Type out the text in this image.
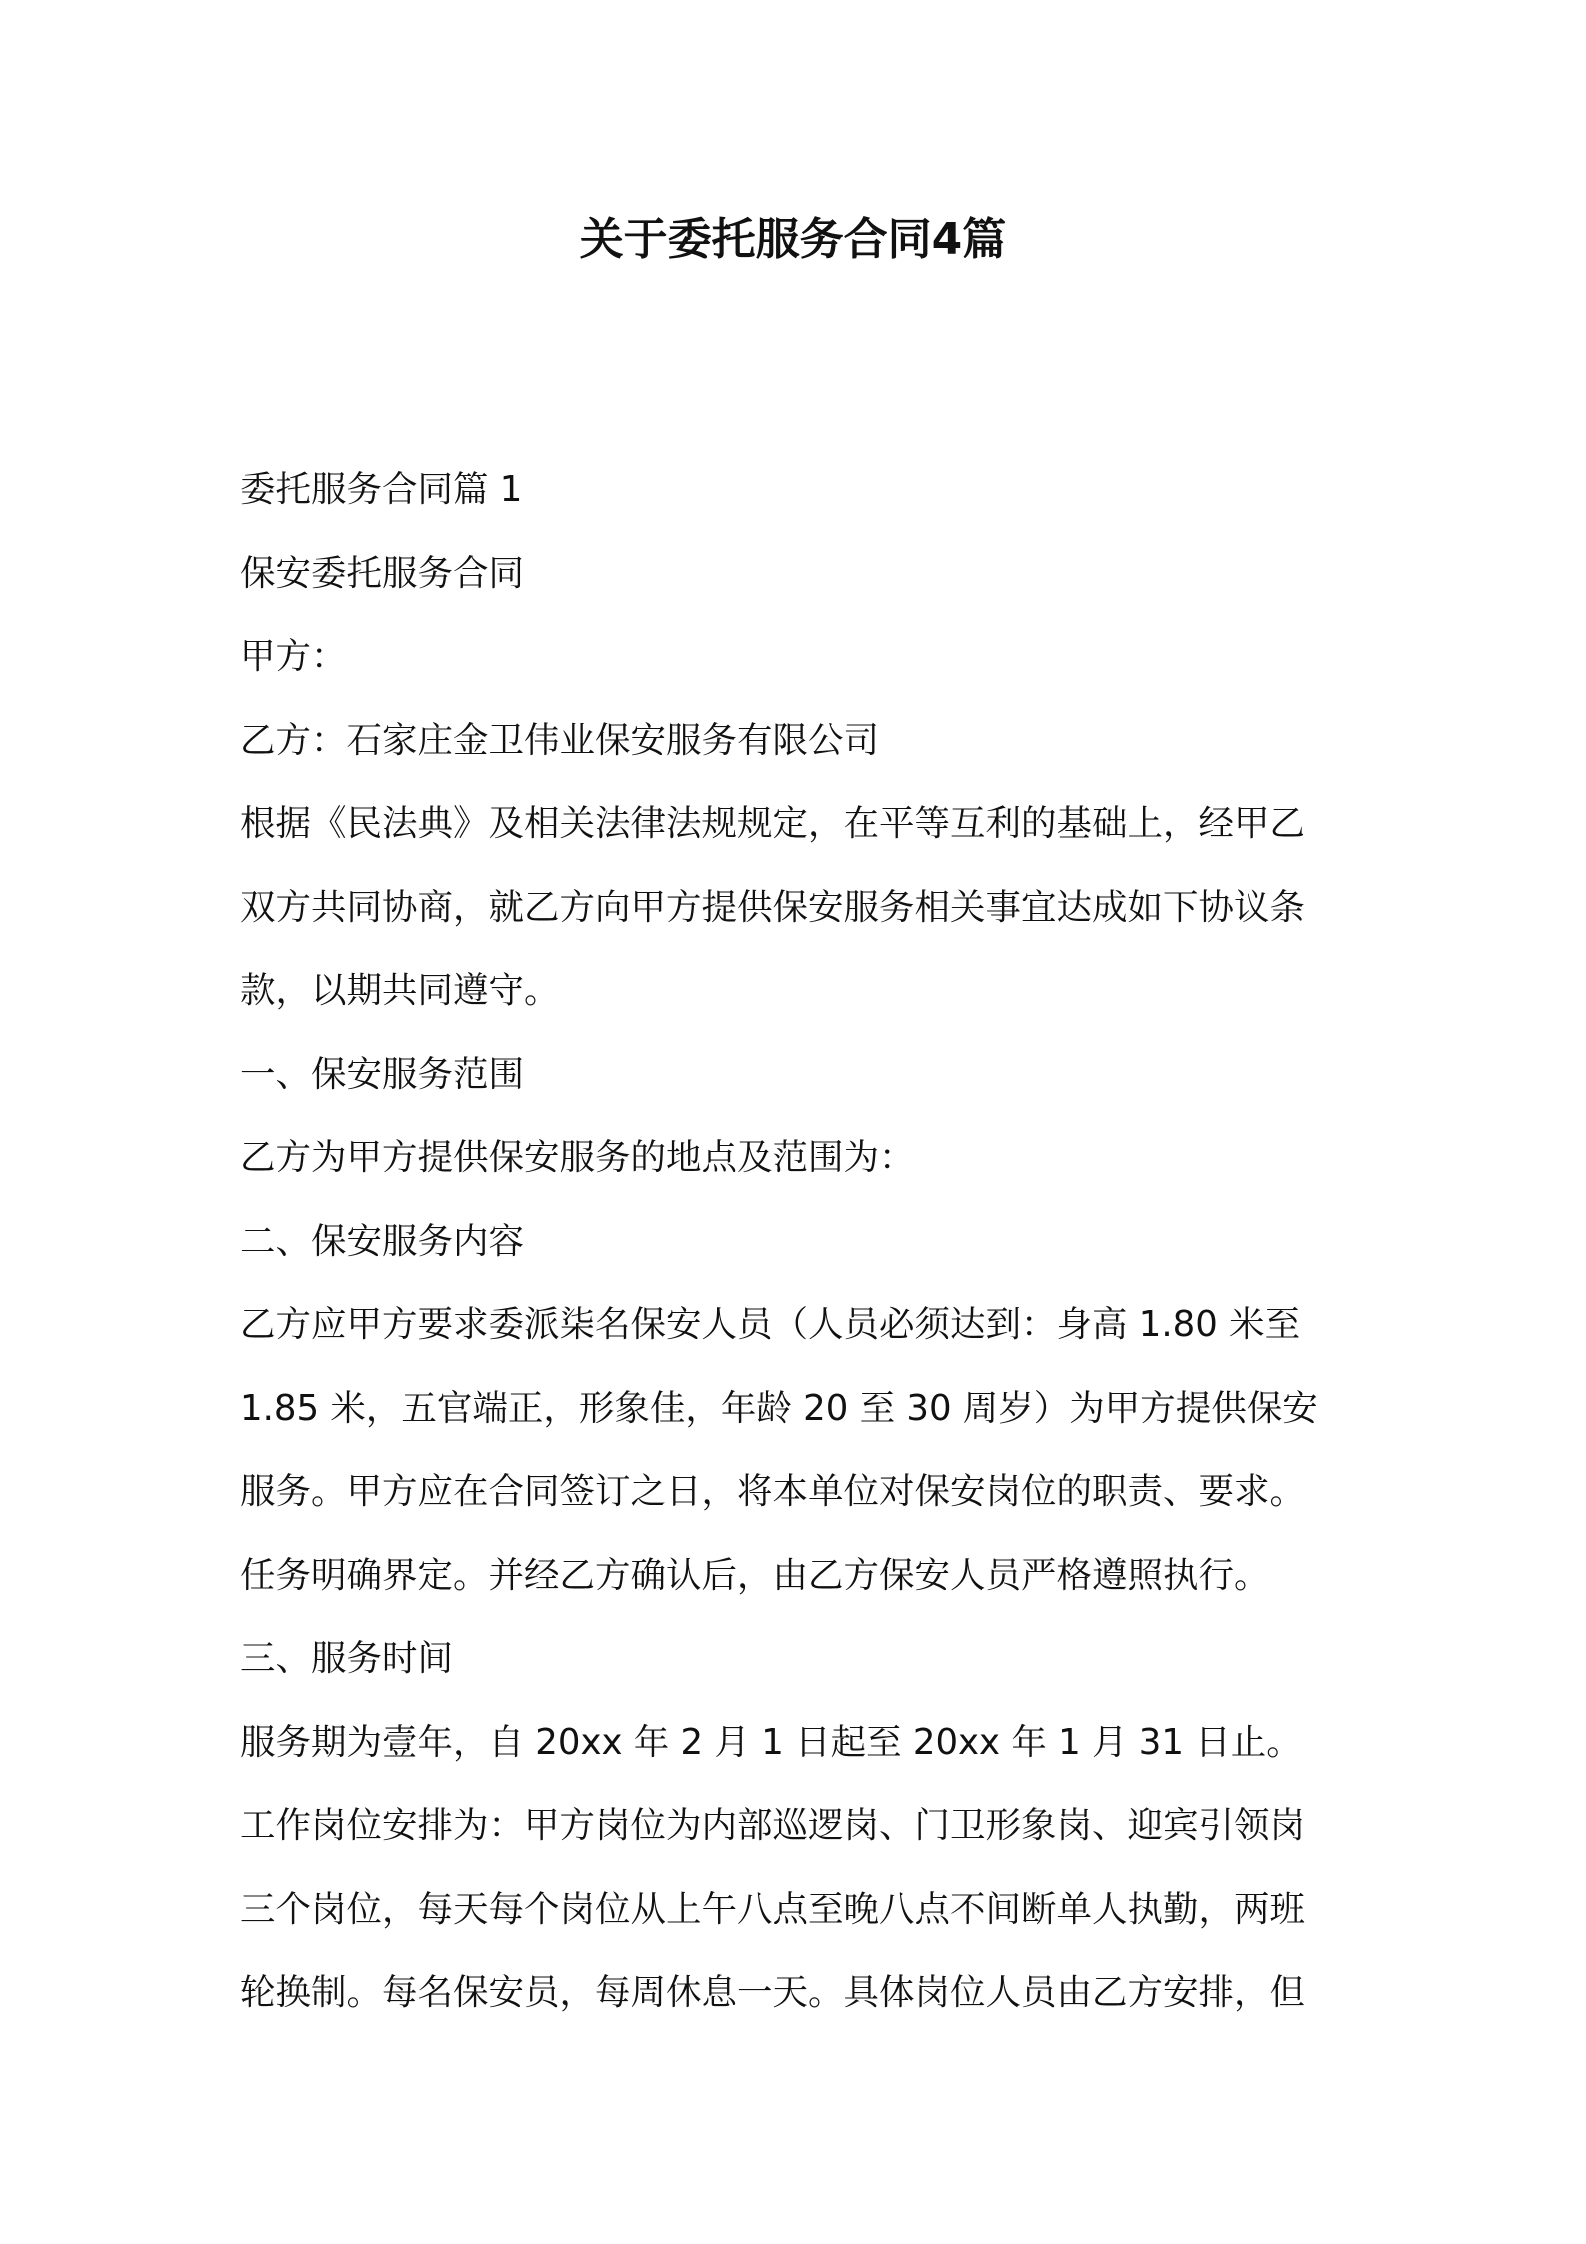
关于委托服务合同4篇

委托服务合同篇 1

保安委托服务合同

甲方：

乙方：石家庄金卫伟业保安服务有限公司

根据《民法典》及相关法律法规规定，在平等互利的基础上，经甲乙

双方共同协商，就乙方向甲方提供保安服务相关事宜达成如下协议条

款，以期共同遵守。

一、保安服务范围

乙方为甲方提供保安服务的地点及范围为：

二、保安服务内容

乙方应甲方要求委派柒名保安人员（人员必须达到：身高 1.80 米至

1.85 米，五官端正，形象佳，年龄 20 至 30 周岁）为甲方提供保安

服务。甲方应在合同签订之日，将本单位对保安岗位的职责、要求。

任务明确界定。并经乙方确认后，由乙方保安人员严格遵照执行。

三、服务时间

服务期为壹年，自 20xx 年 2 月 1 日起至 20xx 年 1 月 31 日止。

工作岗位安排为：甲方岗位为内部巡逻岗、门卫形象岗、迎宾引领岗

三个岗位，每天每个岗位从上午八点至晚八点不间断单人执勤，两班

轮换制。每名保安员，每周休息一天。具体岗位人员由乙方安排，但
